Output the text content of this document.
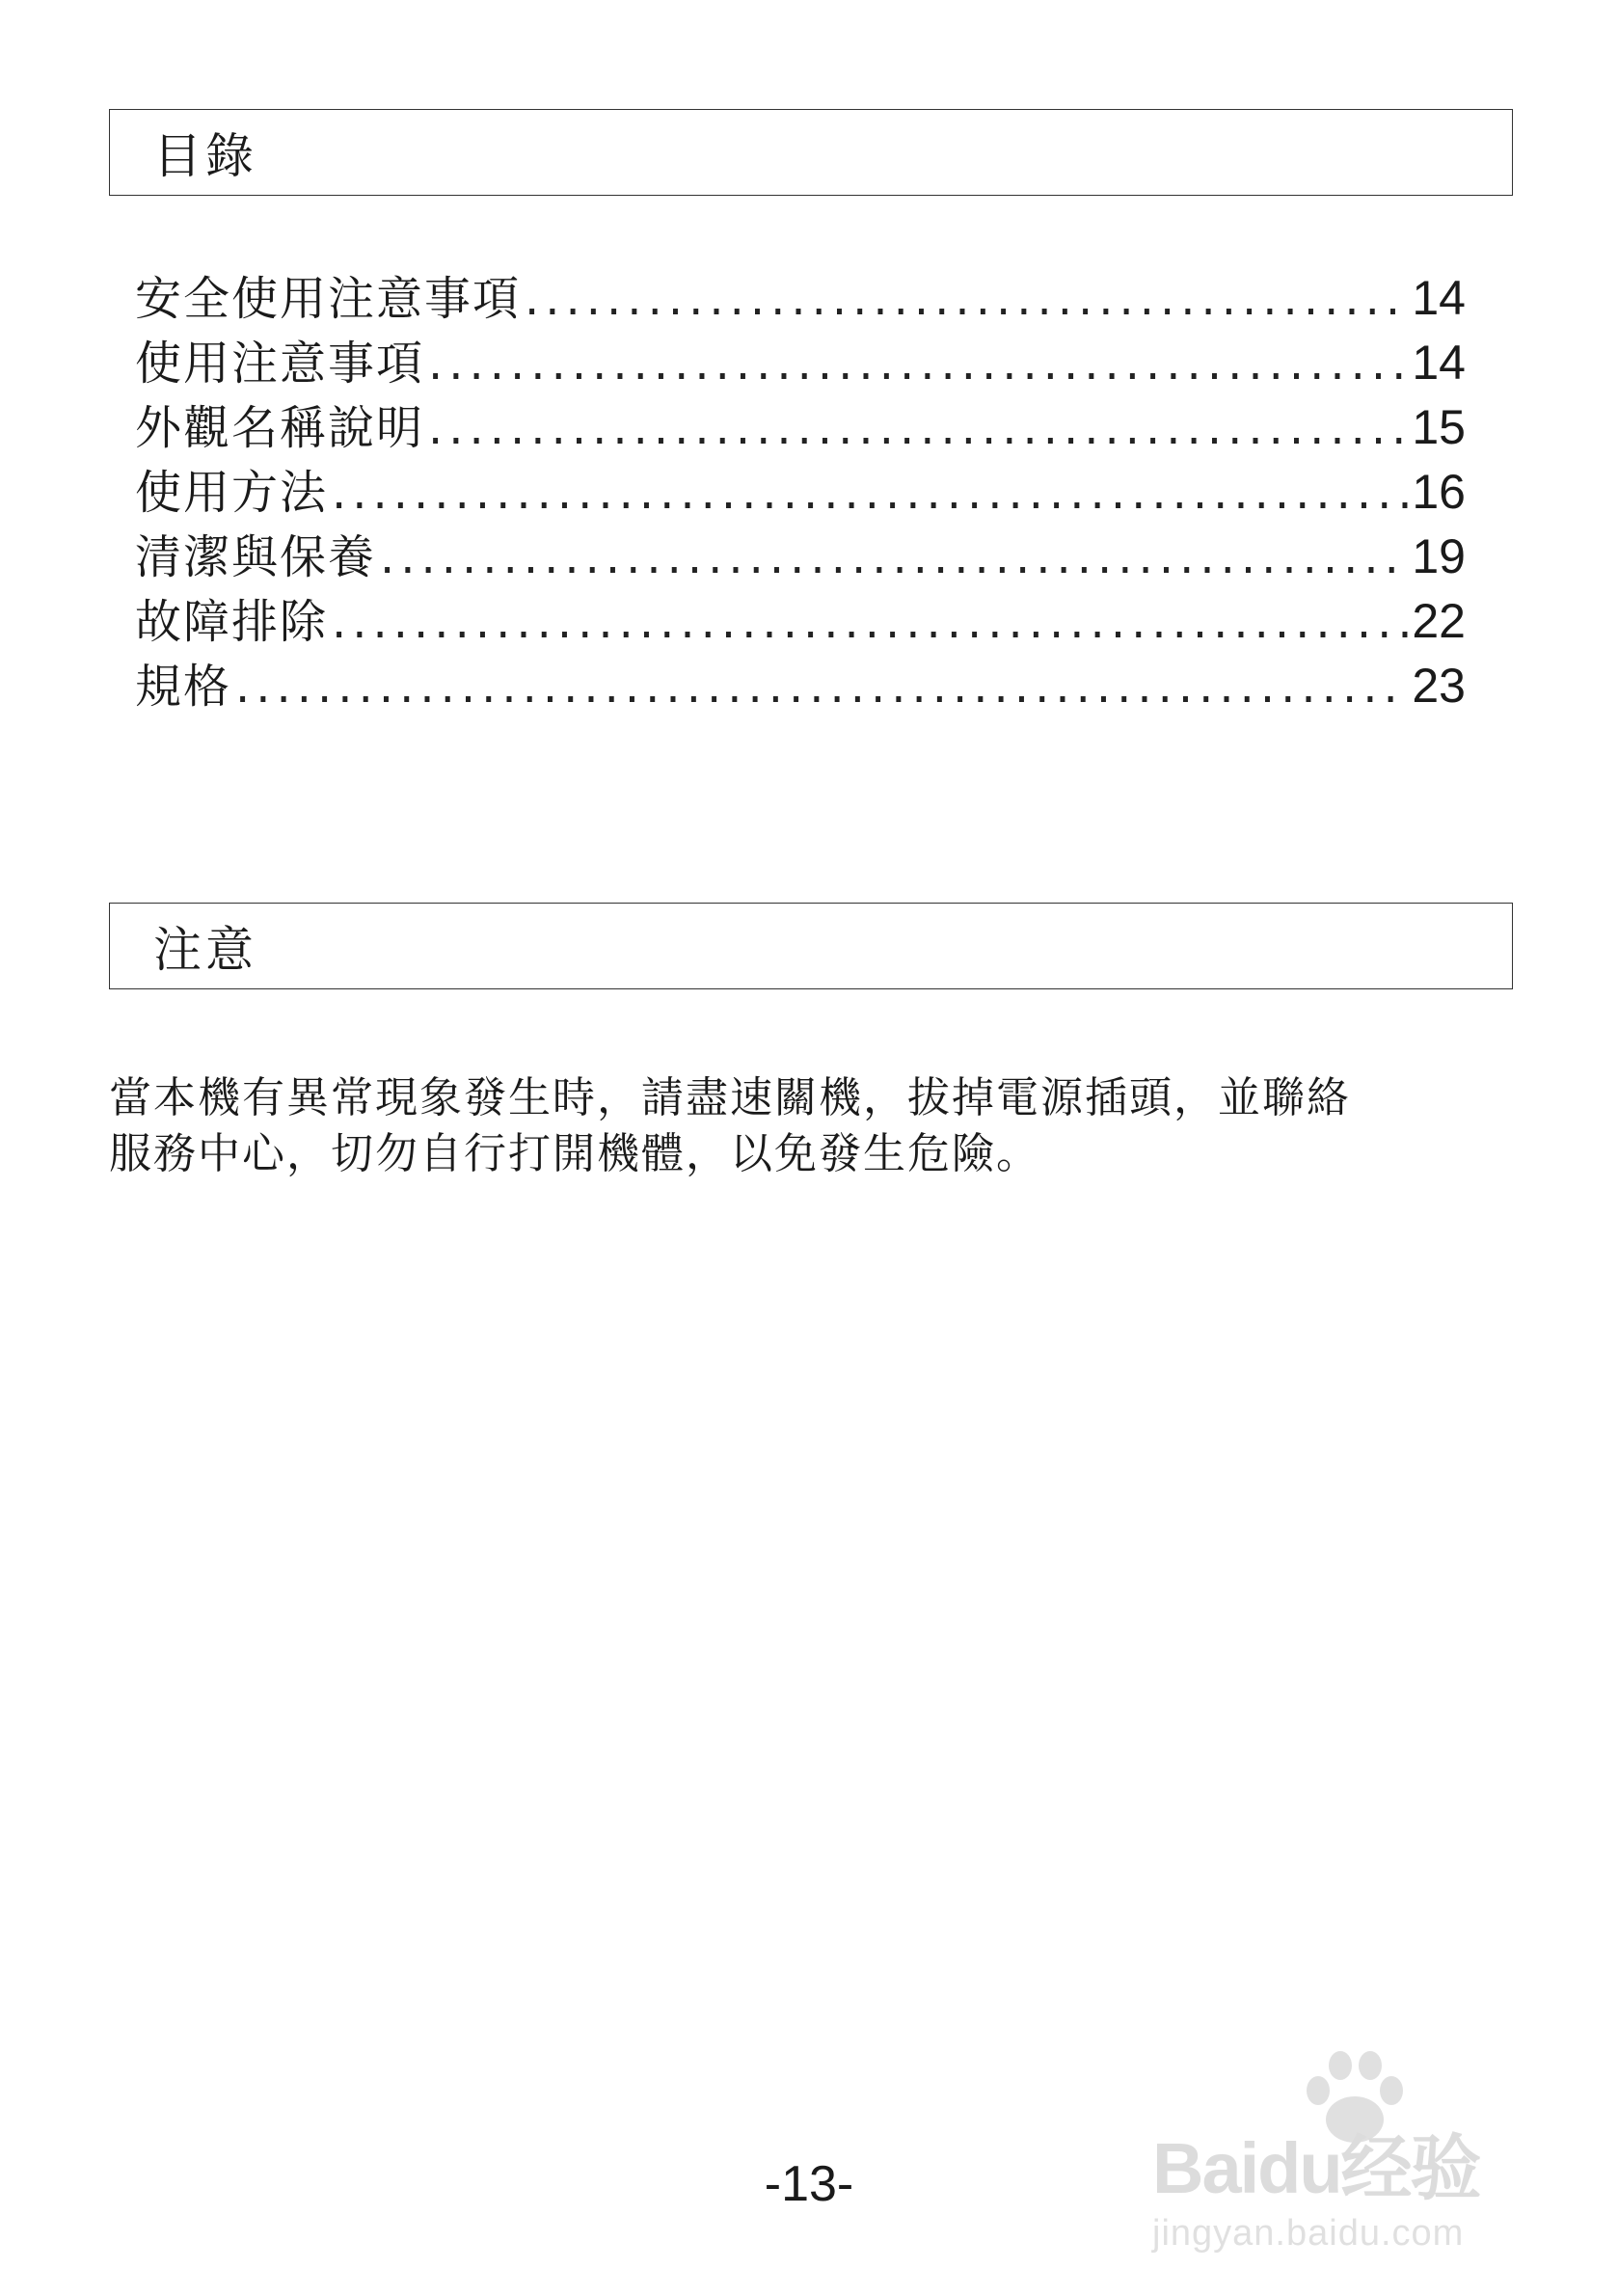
目錄
安全使用注意事項 .....	14
使用注意事項 .....	14
外觀名稱說明 .....	15
使用方法 .....	16
清潔與保養 .....	19
故障排除 .....	22
規格 .....	23
注意

當本機有異常現象發生時，請盡速關機，拔掉電源插頭，並聯絡
服務中心，切勿自行打開機體，以免發生危險。

-13-	Baidu经验
jingyan.baidu.com
